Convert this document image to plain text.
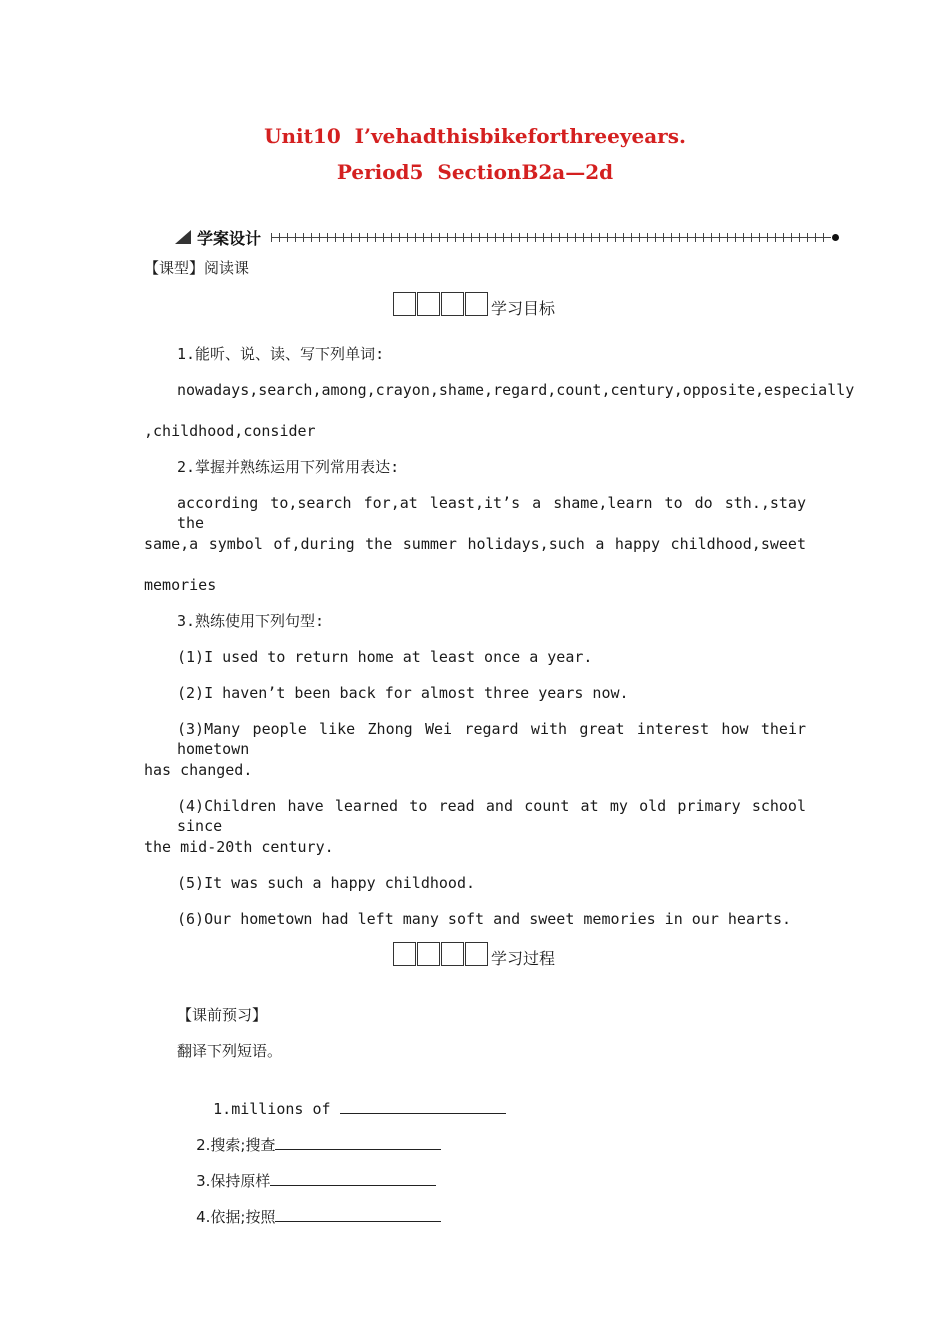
Unit10  I’vehadthisbikeforthreeyears.
Period5  SectionB2a—2d
学案设计
【课型】阅读课
学习目标
1.能听、说、读、写下列单词:
nowadays,search,among,crayon,shame,regard,count,century,opposite,especially
,childhood,consider
2.掌握并熟练运用下列常用表达:
according to,search for,at least,it’s a shame,learn to do sth.,stay the
same,a symbol of,during the summer holidays,such a happy childhood,sweet
memories
3.熟练使用下列句型:
(1)I used to return home at least once a year.
(2)I haven’t been back for almost three years now.
(3)Many people like Zhong Wei regard with great interest how their hometown
has changed.
(4)Children have learned to read and count at my old primary school since
the mid-20th century.
(5)It was such a happy childhood.
(6)Our hometown had left many soft and sweet memories in our hearts.
学习过程
【课前预习】
翻译下列短语。

1.millions of

2.搜索;搜查

3.保持原样

4.依据;按照
